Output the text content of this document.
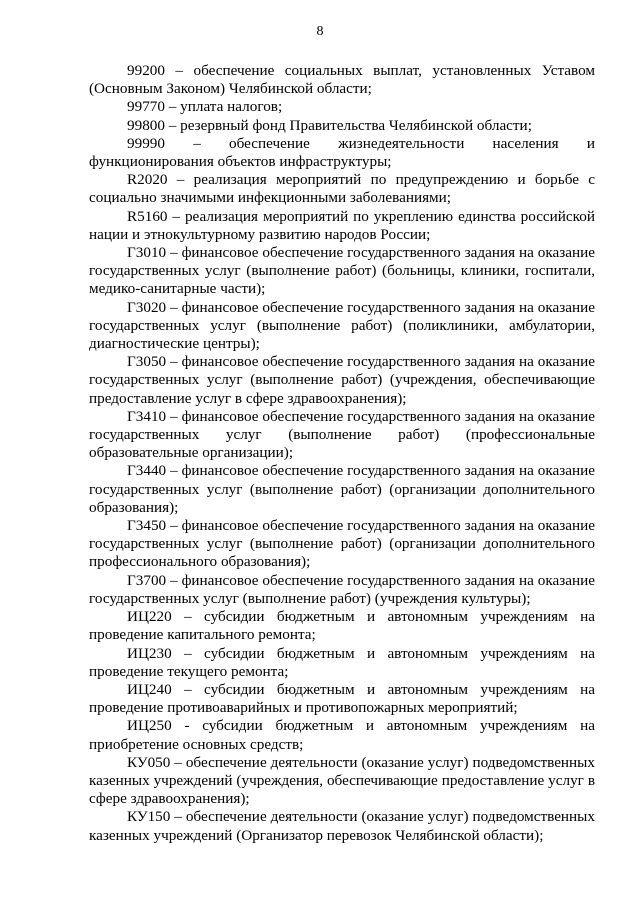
8

99200 – обеспечение социальных выплат, установленных Уставом (Основным Законом) Челябинской области;

99770 – уплата налогов;

99800 – резервный фонд Правительства Челябинской области;

99990 – обеспечение жизнедеятельности населения и функционирования объектов инфраструктуры;

R2020 – реализация мероприятий по предупреждению и борьбе с социально значимыми инфекционными заболеваниями;

R5160 – реализация мероприятий по укреплению единства российской нации и этнокультурному развитию народов России;

Г3010 – финансовое обеспечение государственного задания на оказание государственных услуг (выполнение работ) (больницы, клиники, госпитали, медико-санитарные части);

Г3020 – финансовое обеспечение государственного задания на оказание государственных услуг (выполнение работ) (поликлиники, амбулатории, диагностические центры);

Г3050 – финансовое обеспечение государственного задания на оказание государственных услуг (выполнение работ) (учреждения, обеспечивающие предоставление услуг в сфере здравоохранения);

Г3410 – финансовое обеспечение государственного задания на оказание государственных услуг (выполнение работ) (профессиональные образовательные организации);

Г3440 – финансовое обеспечение государственного задания на оказание государственных услуг (выполнение работ) (организации дополнительного образования);

Г3450 – финансовое обеспечение государственного задания на оказание государственных услуг (выполнение работ) (организации дополнительного профессионального образования);

Г3700 – финансовое обеспечение государственного задания на оказание государственных услуг (выполнение работ) (учреждения культуры);

ИЦ220 – субсидии бюджетным и автономным учреждениям на проведение капитального ремонта;

ИЦ230 – субсидии бюджетным и автономным учреждениям на проведение текущего ремонта;

ИЦ240 – субсидии бюджетным и автономным учреждениям на проведение противоаварийных и противопожарных мероприятий;

ИЦ250 - субсидии бюджетным и автономным учреждениям на приобретение основных средств;

КУ050 – обеспечение деятельности (оказание услуг) подведомственных казенных учреждений (учреждения, обеспечивающие предоставление услуг в сфере здравоохранения);

КУ150 – обеспечение деятельности (оказание услуг) подведомственных казенных учреждений (Организатор перевозок Челябинской области);
